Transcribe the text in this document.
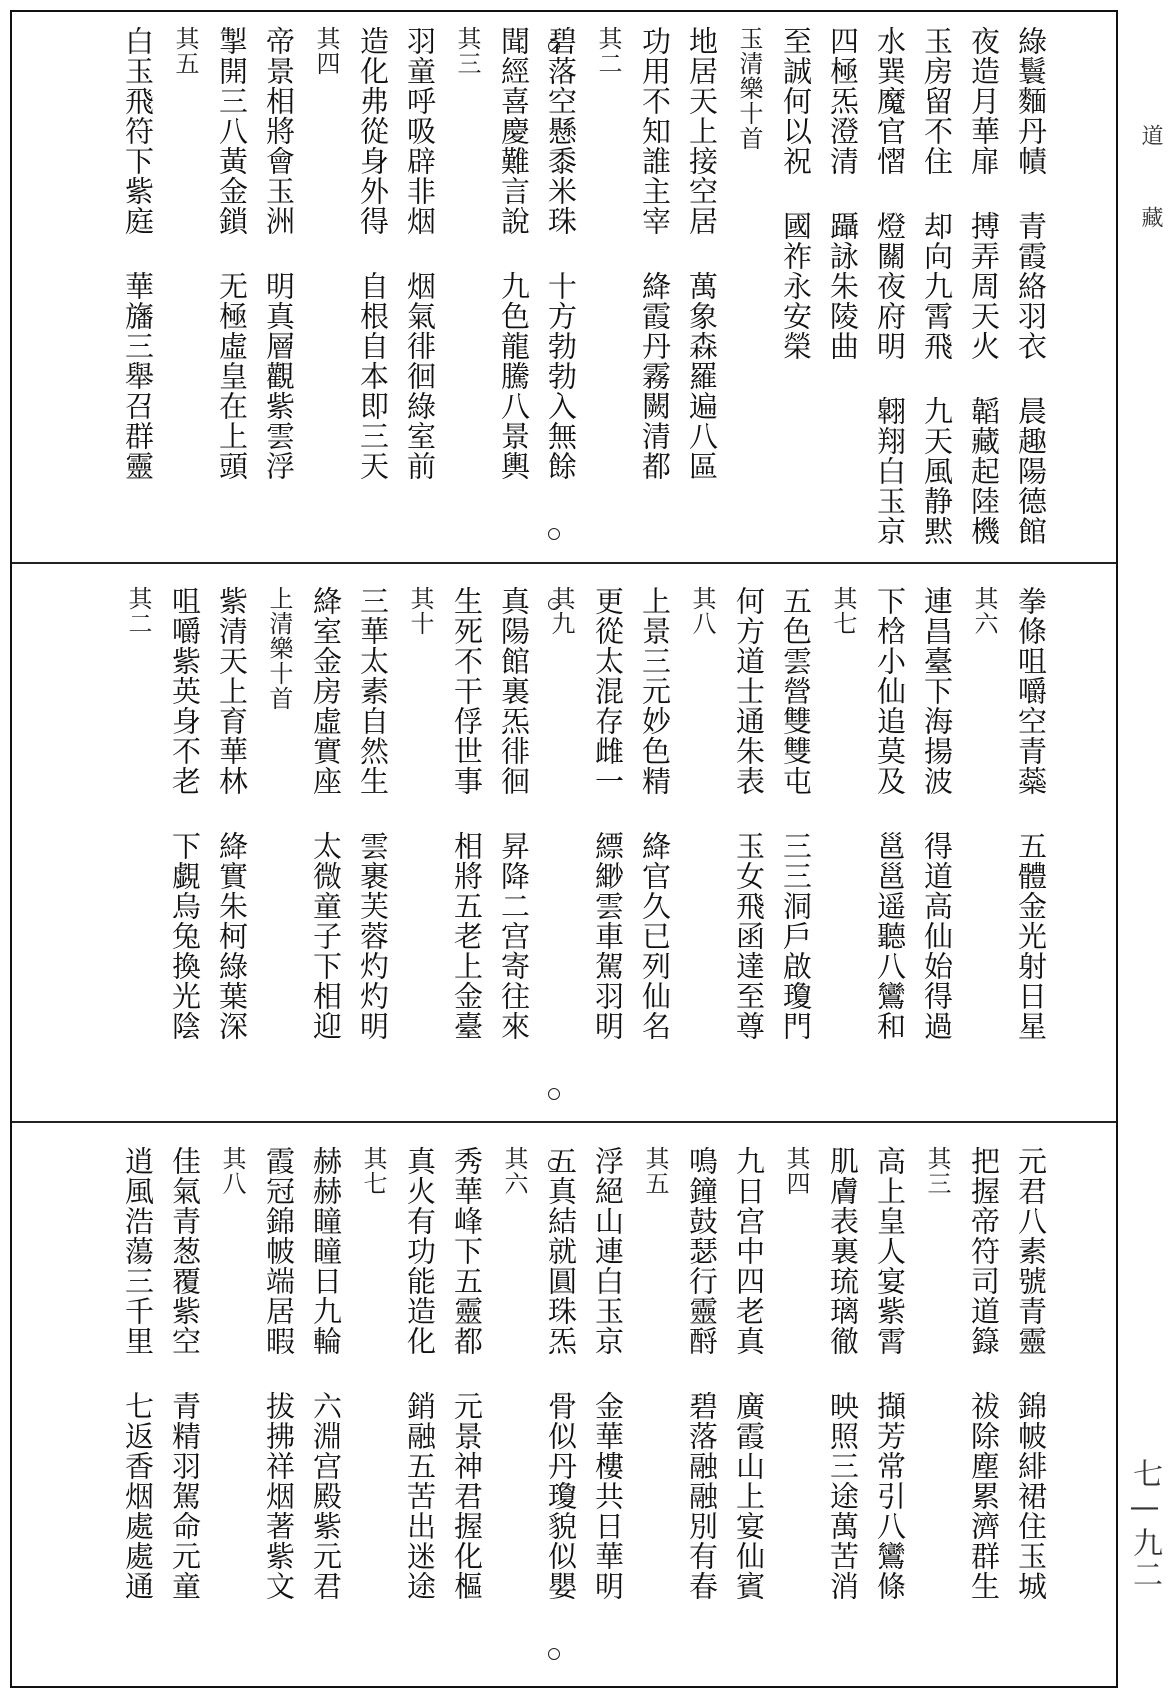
道藏
七—九二
綠鬟麵丹幘 青霞絡羽衣 晨趣陽德館
夜造月華扉 搏弄周天火 韜藏起陸機
玉房留不住 却向九霄飛 九天風静黙
水巽魔官慴 燈關夜府明 翺翔白玉京
四極炁澄清 躡詠朱陵曲
至誠何以祝 國祚永安榮
玉清樂十首
地居天上接空居 萬象森羅遍八區
功用不知誰主宰 絳霞丹霧闕清都
其二
碧落空懸黍米珠 十方勃勃入無餘
聞經喜慶難言說 九色龍騰八景輿
其三
羽童呼吸辟非烟 烟氣徘徊綠室前
造化弗從身外得 自根自本即三天
其四
帝景相將會玉洲 明真層觀紫雲浮
掣開三八黃金鎖 无極虛皇在上頭
其五
白玉飛符下紫庭 華旛三舉召群靈
拳條咀嚼空青蘂 五體金光射日星
其六
連昌臺下海揚波 得道高仙始得過
下梒小仙追莫及 邕邕遥聽八鸞和
其七
五色雲營雙雙屯 三三洞戶啟瓊門
何方道士通朱表 玉女飛函達至尊
其八
上景三元妙色精 絳官久已列仙名
更從太混存雌一 縹緲雲車駕羽明
其九
真陽館裏炁徘徊 昇降二宫寄往來
生死不干俘世事 相將五老上金臺
其十
三華太素自然生 雲裹芙蓉灼灼明
絳室金房虛實座 太微童子下相迎
上清樂十首
紫清天上育華林 絳實朱柯綠葉深
咀嚼紫英身不老 下覷烏兔換光陰
其二
元君八素號青靈 錦帔緋裙住玉城
把握帝符司道籙 祓除塵累濟群生
其三
高上皇人宴紫霄 擷芳常引八鸞條
肌膚表裏琉璃徹 映照三途萬苦消
其四
九日宫中四老真 廣霞山上宴仙賓
鳴鐘鼓瑟行靈酹 碧落融融別有春
其五
浮絕山連白玉京 金華樓共日華明
五真結就圓珠炁 骨似丹瓊貌似嬰
其六
秀華峰下五靈都 元景神君握化樞
真火有功能造化 銷融五苦出迷途
其七
赫赫瞳瞳日九輪 六淵宫殿紫元君
霞冠錦帔端居暇 拔拂祥烟著紫文
其八
佳氣青葱覆紫空 青精羽駕命元童
逍風浩蕩三千里 七返香烟處處通
